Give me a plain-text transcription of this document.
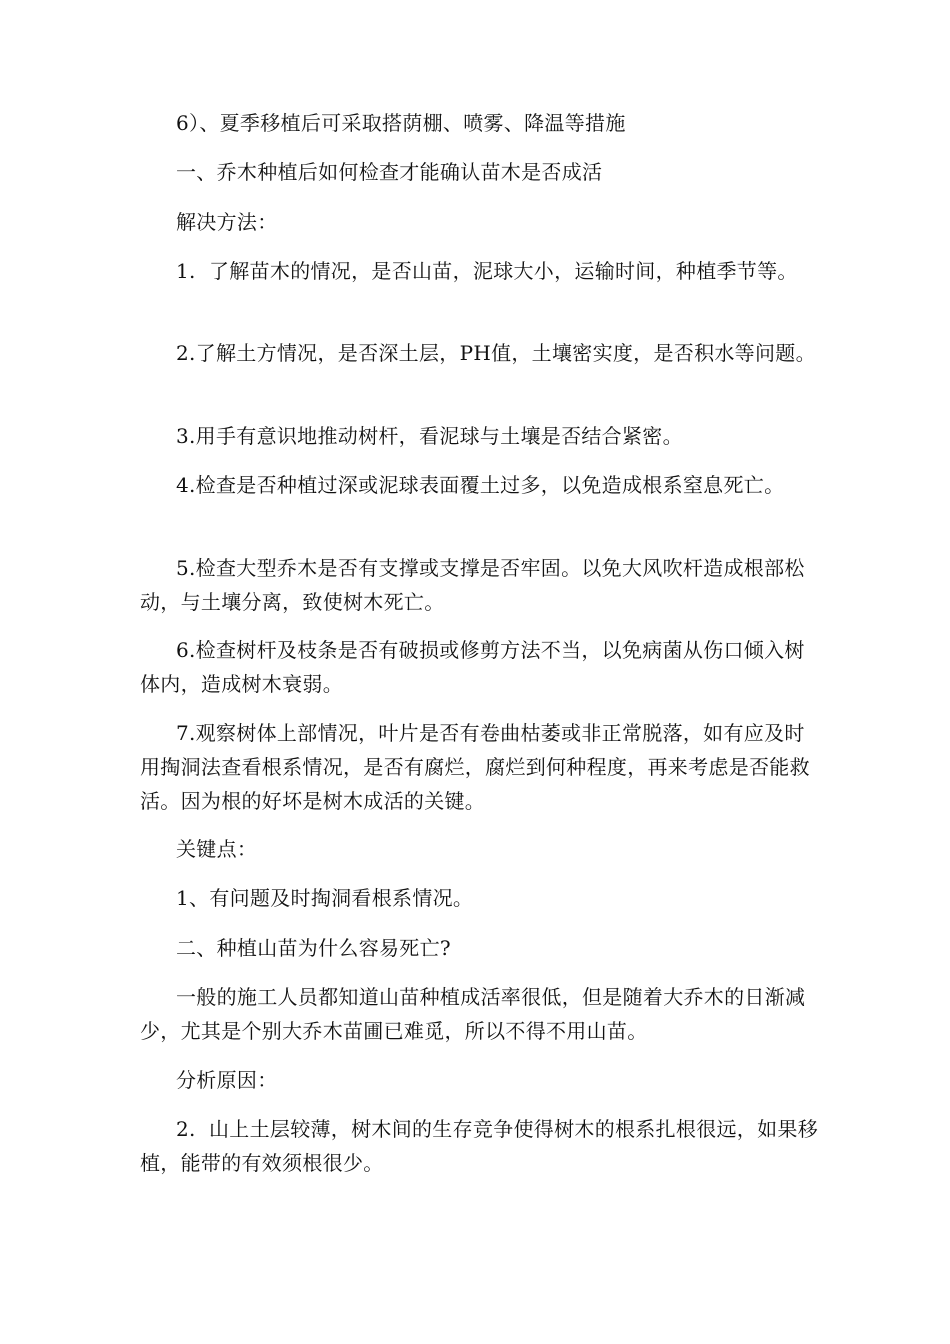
6）、夏季移植后可采取搭荫棚、喷雾、降温等措施

一、乔木种植后如何检查才能确认苗木是否成活

解决方法：

1.  了解苗木的情况，是否山苗，泥球大小，运输时间，种植季节等。

2.了解土方情况，是否深土层，PH值，土壤密实度，是否积水等问题。

3.用手有意识地推动树杆，看泥球与土壤是否结合紧密。

4.检查是否种植过深或泥球表面覆土过多，以免造成根系窒息死亡。

5.检查大型乔木是否有支撑或支撑是否牢固。以免大风吹杆造成根部松动，与土壤分离，致使树木死亡。

6.检查树杆及枝条是否有破损或修剪方法不当，以免病菌从伤口倾入树体内，造成树木衰弱。

7.观察树体上部情况，叶片是否有卷曲枯萎或非正常脱落，如有应及时用掏洞法查看根系情况，是否有腐烂，腐烂到何种程度，再来考虑是否能救活。因为根的好坏是树木成活的关键。

关键点：

1、有问题及时掏洞看根系情况。

二、种植山苗为什么容易死亡?

一般的施工人员都知道山苗种植成活率很低，但是随着大乔木的日渐减少，尤其是个别大乔木苗圃已难觅，所以不得不用山苗。

分析原因：

2.  山上土层较薄，树木间的生存竞争使得树木的根系扎根很远，如果移植，能带的有效须根很少。
